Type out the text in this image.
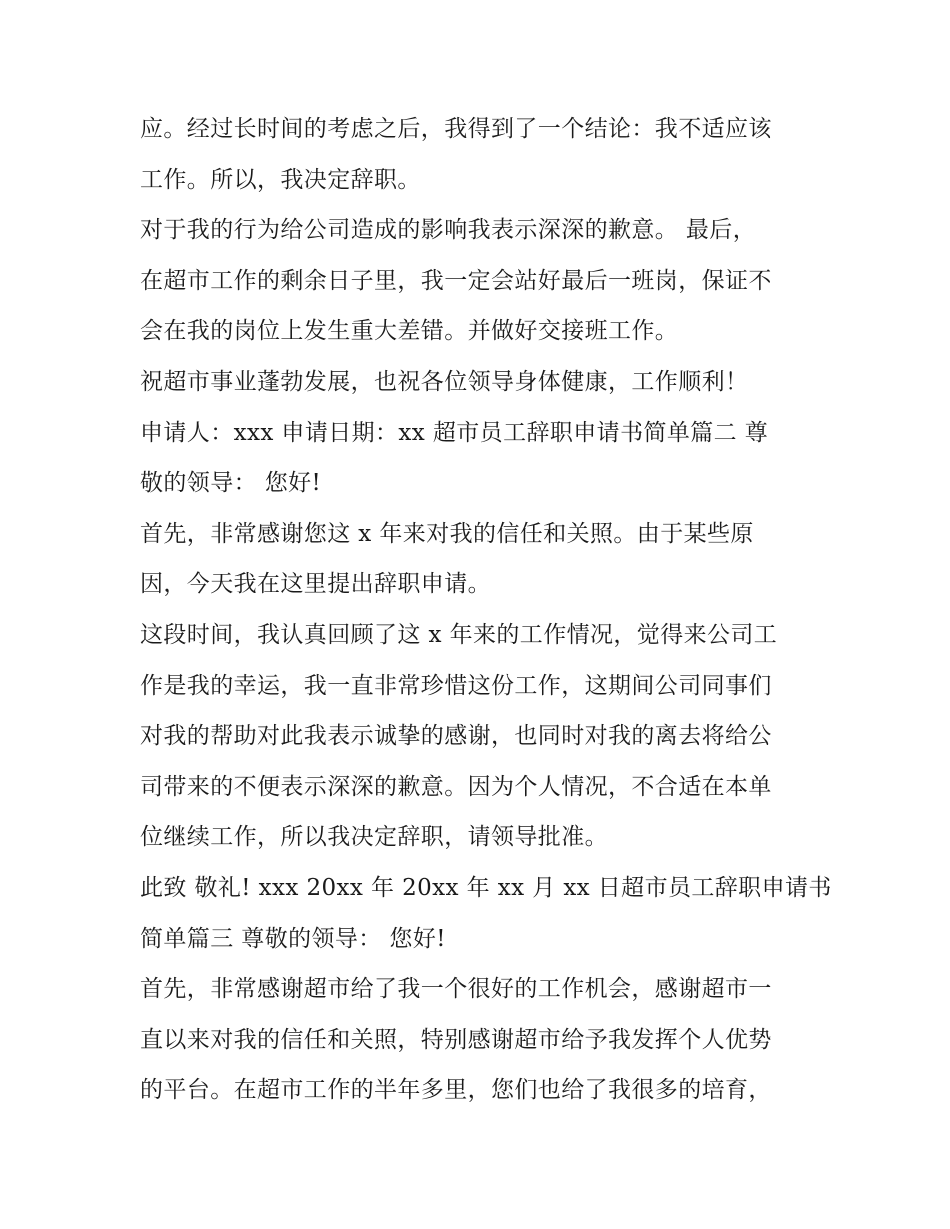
应。经过长时间的考虑之后，我得到了一个结论：我不适应该
工作。所以，我决定辞职。
对于我的行为给公司造成的影响我表示深深的歉意。 最后，
在超市工作的剩余日子里，我一定会站好最后一班岗，保证不
会在我的岗位上发生重大差错。并做好交接班工作。
祝超市事业蓬勃发展，也祝各位领导身体健康，工作顺利！
申请人：xxx 申请日期：xx 超市员工辞职申请书简单篇二 尊
敬的领导： 您好!
首先，非常感谢您这 x 年来对我的信任和关照。由于某些原
因，今天我在这里提出辞职申请。
这段时间，我认真回顾了这 x 年来的工作情况，觉得来公司工
作是我的幸运，我一直非常珍惜这份工作，这期间公司同事们
对我的帮助对此我表示诚挚的感谢，也同时对我的离去将给公
司带来的不便表示深深的歉意。因为个人情况，不合适在本单
位继续工作，所以我决定辞职，请领导批准。
此致 敬礼! xxx 20xx 年 20xx 年 xx 月 xx 日超市员工辞职申请书
简单篇三 尊敬的领导： 您好!
首先，非常感谢超市给了我一个很好的工作机会，感谢超市一
直以来对我的信任和关照，特别感谢超市给予我发挥个人优势
的平台。在超市工作的半年多里，您们也给了我很多的培育，
